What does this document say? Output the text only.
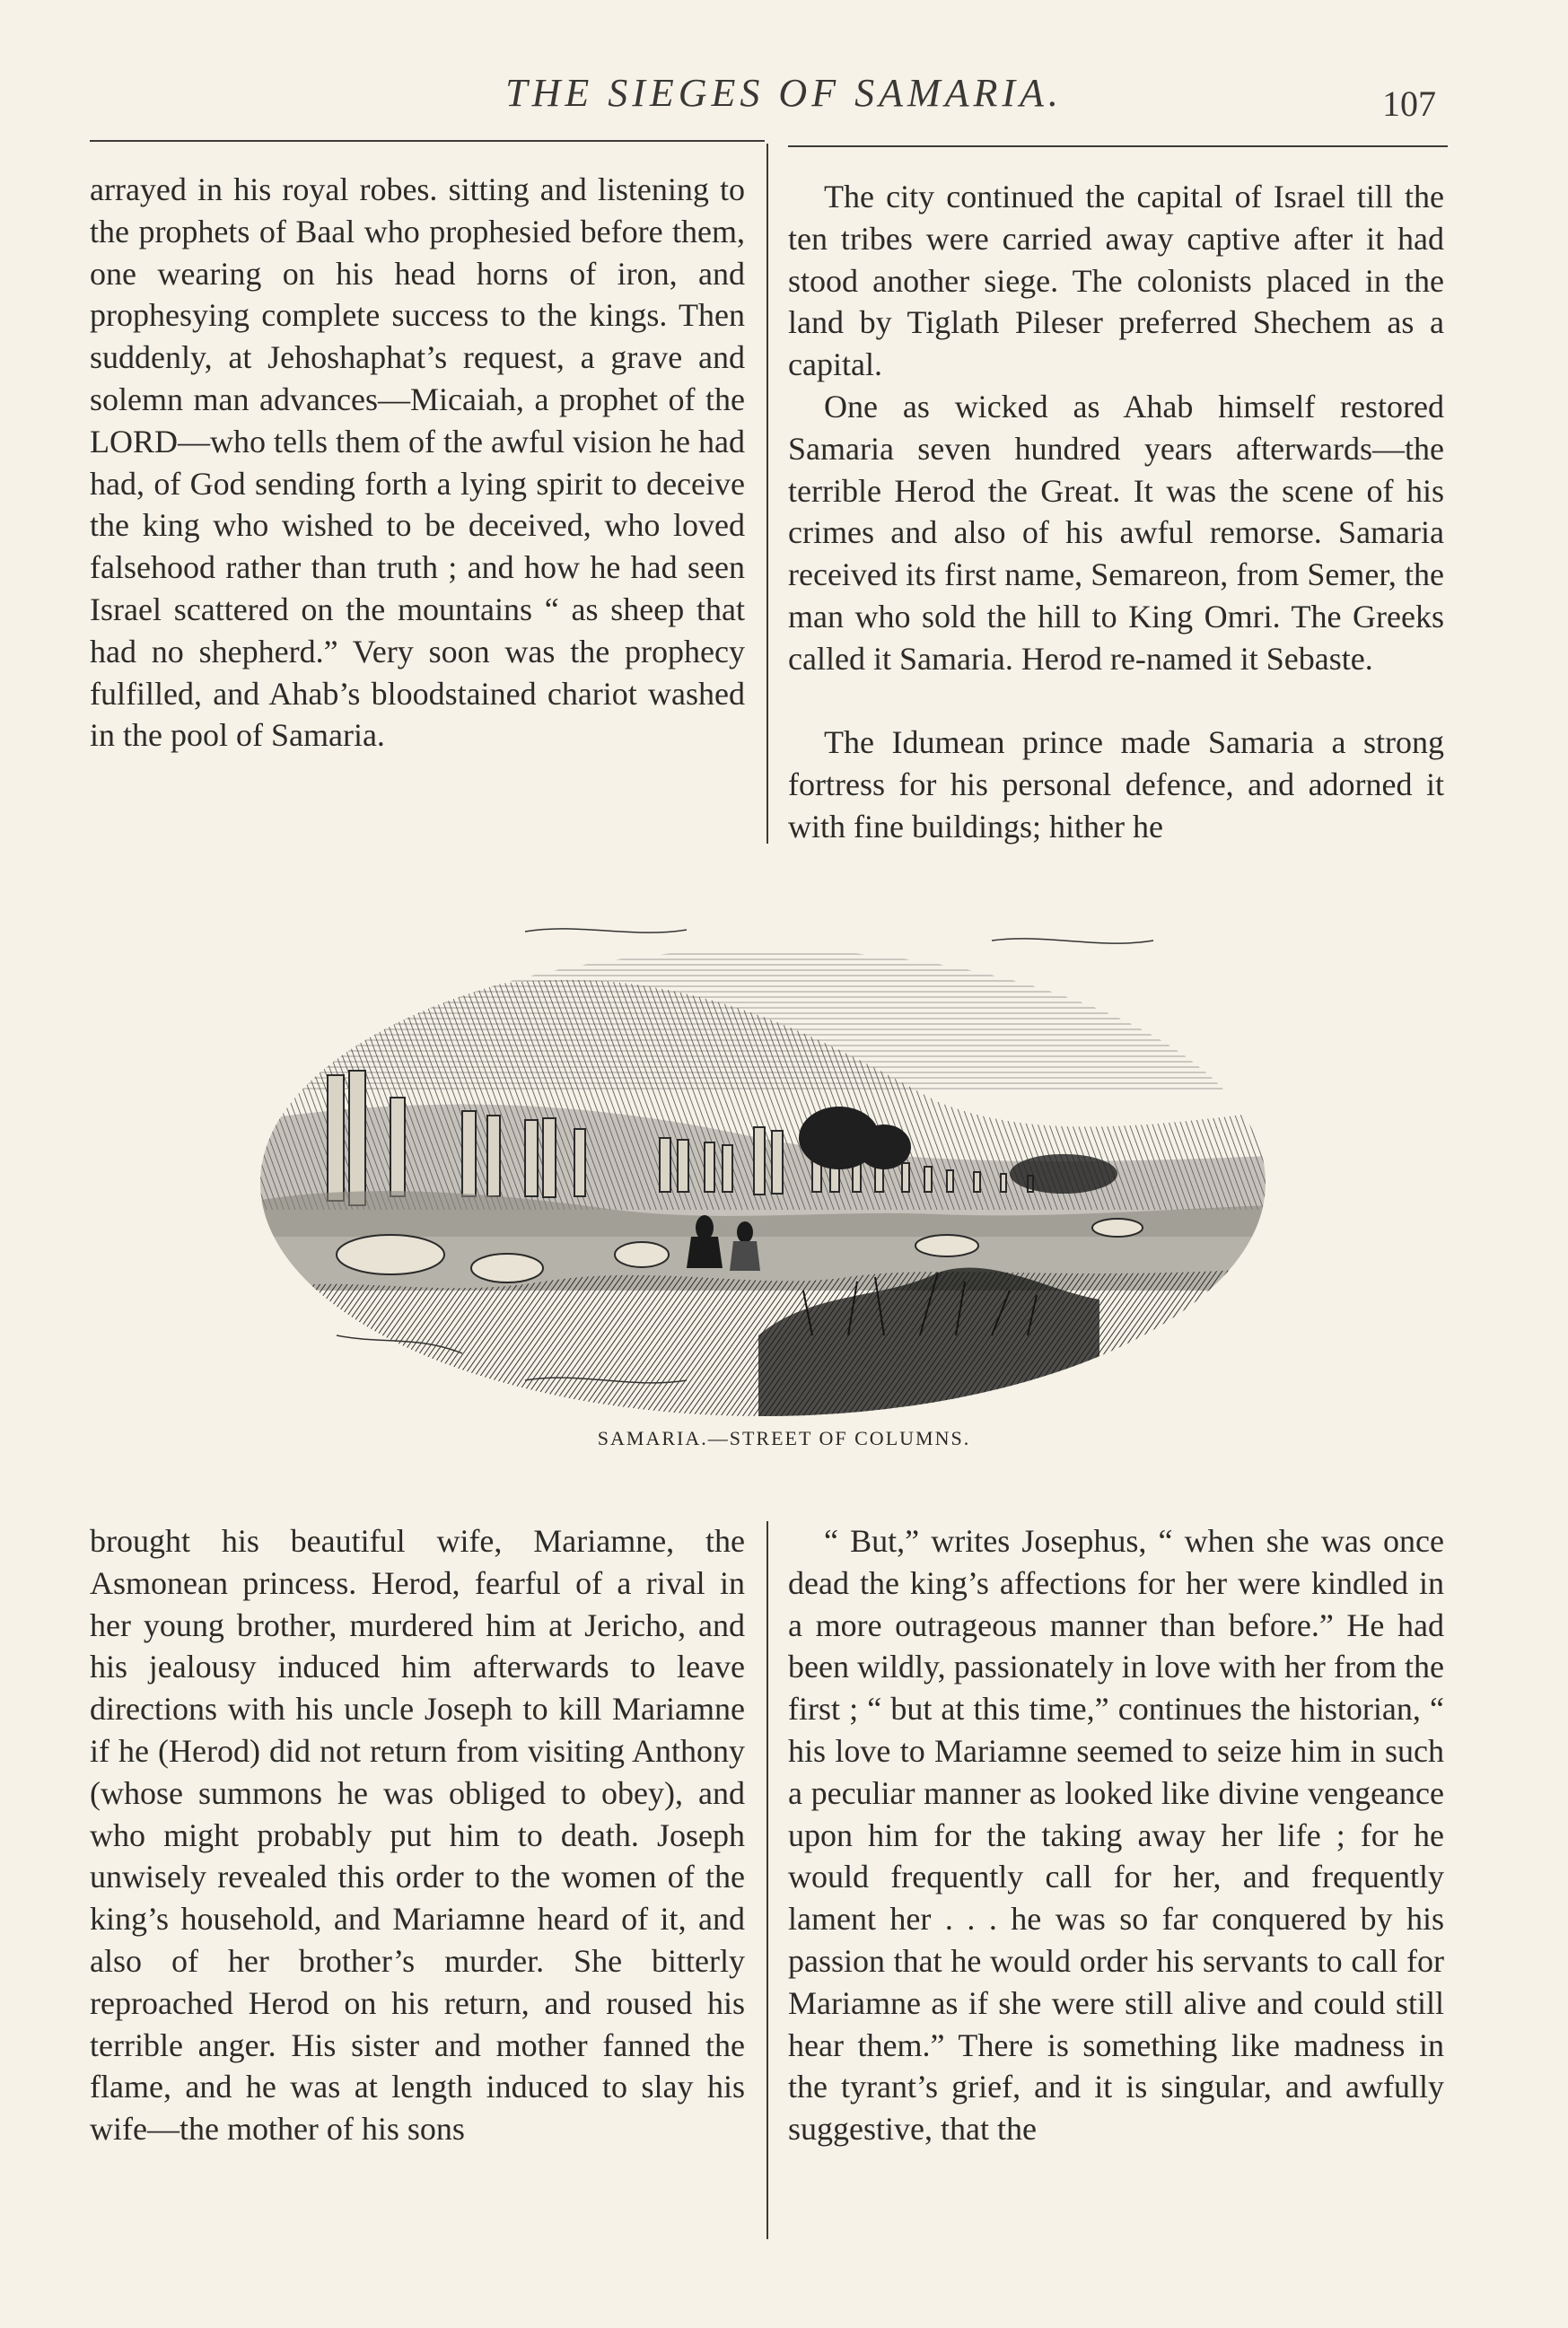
THE SIEGES OF SAMARIA.	107

arrayed in his royal robes. sitting and listening to the prophets of Baal who prophesied before them, one wearing on his head horns of iron, and prophesying complete success to the kings. Then suddenly, at Jehoshaphat’s request, a grave and solemn man advances—Micaiah, a prophet of the LORD—who tells them of the awful vision he had had, of God sending forth a lying spirit to deceive the king who wished to be deceived, who loved falsehood rather than truth ; and how he had seen Israel scattered on the mountains “ as sheep that had no shepherd.” Very soon was the prophecy fulfilled, and Ahab’s bloodstained chariot washed in the pool of Samaria.

The city continued the capital of Israel till the ten tribes were carried away captive after it had stood another siege. The colonists placed in the land by Tiglath Pileser preferred Shechem as a capital.

One as wicked as Ahab himself restored Samaria seven hundred years afterwards—the terrible Herod the Great. It was the scene of his crimes and also of his awful remorse. Samaria received its first name, Semareon, from Semer, the man who sold the hill to King Omri. The Greeks called it Samaria. Herod re-named it Sebaste.

The Idumean prince made Samaria a strong fortress for his personal defence, and adorned it with fine buildings; hither he

SAMARIA.—STREET OF COLUMNS.

brought his beautiful wife, Mariamne, the Asmonean princess. Herod, fearful of a rival in her young brother, murdered him at Jericho, and his jealousy induced him afterwards to leave directions with his uncle Joseph to kill Mariamne if he (Herod) did not return from visiting Anthony (whose summons he was obliged to obey), and who might probably put him to death. Joseph unwisely revealed this order to the women of the king’s household, and Mariamne heard of it, and also of her brother’s murder. She bitterly reproached Herod on his return, and roused his terrible anger. His sister and mother fanned the flame, and he was at length induced to slay his wife—the mother of his sons

“ But,” writes Josephus, “ when she was once dead the king’s affections for her were kindled in a more outrageous manner than before.” He had been wildly, passionately in love with her from the first ; “ but at this time,” continues the historian, “ his love to Mariamne seemed to seize him in such a peculiar manner as looked like divine vengeance upon him for the taking away her life ; for he would frequently call for her, and frequently lament her . . . he was so far conquered by his passion that he would order his servants to call for Mariamne as if she were still alive and could still hear them.” There is something like madness in the tyrant’s grief, and it is singular, and awfully suggestive, that the
